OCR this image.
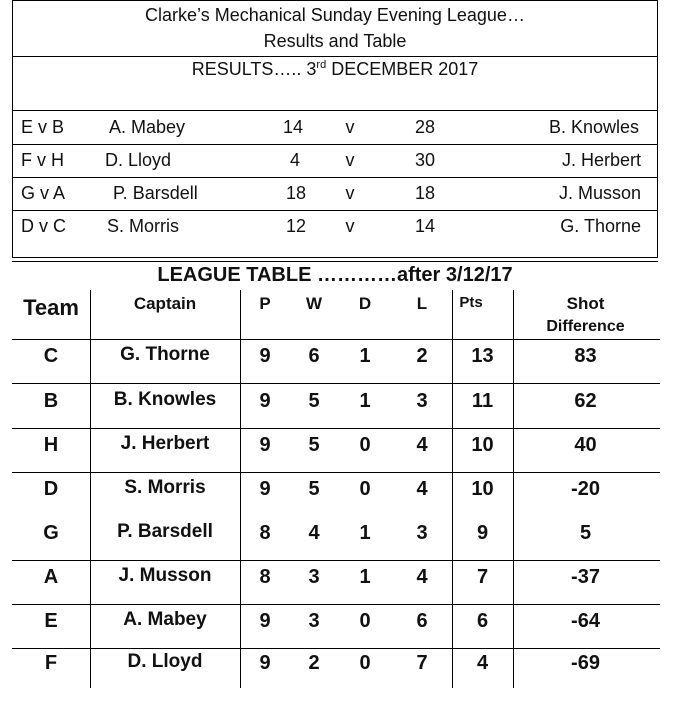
Clarke’s Mechanical Sunday Evening League…
Results and Table
RESULTS….. 3rd DECEMBER 2017
E v B A. Mabey	14	v	28	B. Knowles
F v H D. Lloyd	4	v	30	J. Herbert
G v A	P. Barsdell	18	v	18	J. Musson
D v C S. Morris	12	v	14	G. Thorne
LEAGUE TABLE …………after 3/12/17
Team	Captain	P	W	D	L	Pts	Shot
Difference
C	G. Thorne	9	6	1	2	13	83
B	B. Knowles	9	5	1	3	11	62
H	J. Herbert	9	5	0	4	10	40
D	S. Morris	9	5	0	4	10	-20
G	P. Barsdell	8	4	1	3	9	5
A	J. Musson	8	3	1	4	7	-37
E	A. Mabey	9	3	0	6	6	-64
F	D. Lloyd	9	2	0	7	4	-69
